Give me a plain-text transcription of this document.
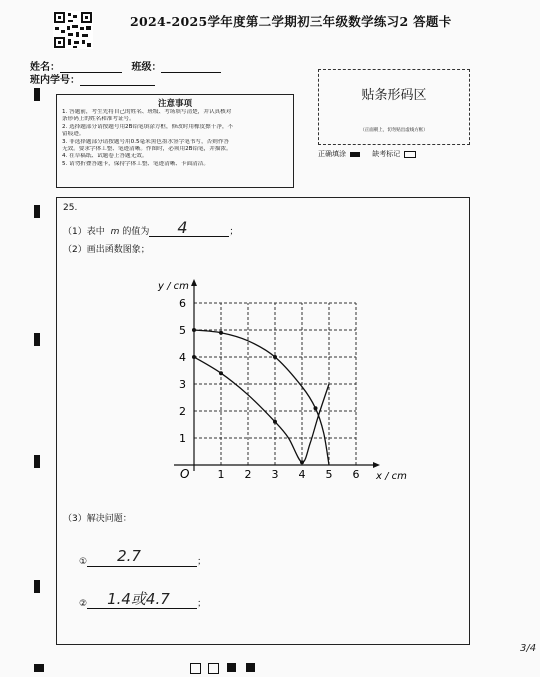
2024-2025学年度第二学期初三年级数学练习2 答题卡
姓名：	班级：
班内学号：
注意事项
1. 答题前，考生先将自己的姓名、班级、考场填写清楚，并认真核对
条形码上的姓名和准考证号。
2. 选择题部分请按题号用2B铅笔填涂方框，修改时用橡皮擦干净，不
留痕迹。
3. 非选择题部分请按题号用0.5毫米黑色墨水签字笔书写，否则作答
无效。要求字体工整、笔迹清晰。作图时，必须用2B铅笔，并描浓。
4. 在草稿纸、试题卷上答题无效。
5. 请勿折叠答题卡，保持字体工整、笔迹清晰、卡面清洁。
贴条形码区
（正面朝上，切勿贴出虚线方框）
正确填涂	缺考标记
25.
（1）表中 m 的值为 4	；
（2）画出函数图象；
（3）解决问题：
① 2.7	；
② 1.4或4.7	；
1 2 3 4 5 6
1
2
3
4
5
6
O	x / cm
y / cm
3/4
